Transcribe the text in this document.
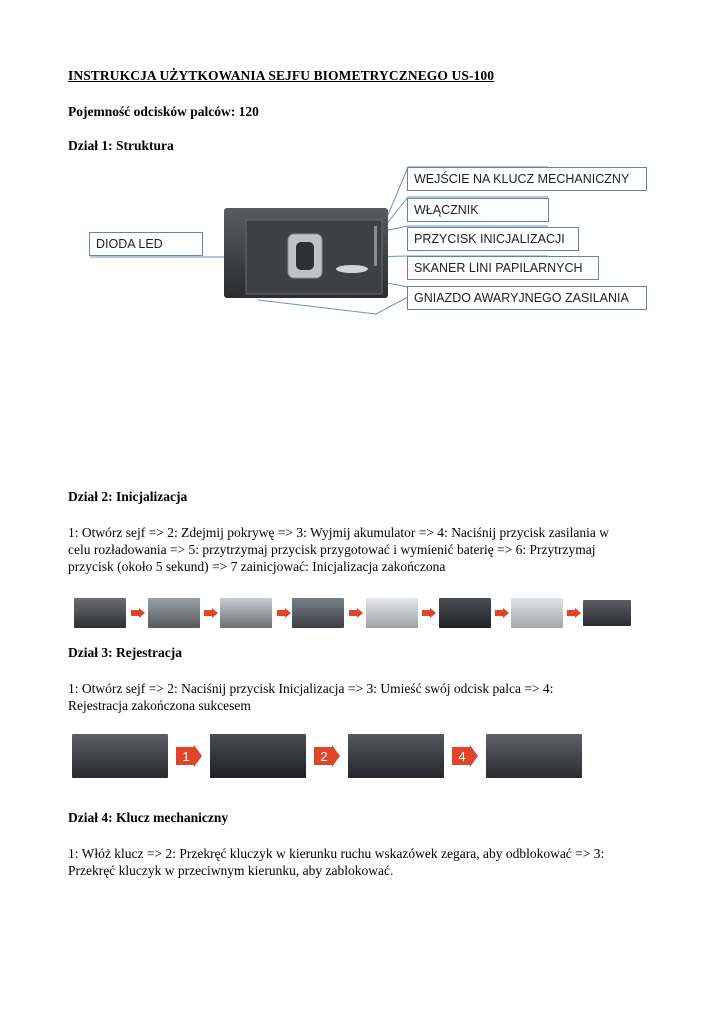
INSTRUKCJA UŻYTKOWANIA SEJFU BIOMETRYCZNEGO US-100
Pojemność odcisków palców: 120
Dział 1: Struktura
DIODA LED
WEJŚCIE NA KLUCZ MECHANICZNY
WŁĄCZNIK
PRZYCISK INICJALIZACJI
SKANER LINI PAPILARNYCH
GNIAZDO AWARYJNEGO ZASILANIA
Dział 2: Inicjalizacja
1: Otwórz sejf => 2: Zdejmij pokrywę => 3: Wyjmij akumulator => 4: Naciśnij przycisk zasilania w
celu rozładowania => 5: przytrzymaj przycisk przygotować i wymienić baterię => 6: Przytrzymaj
przycisk (około 5 sekund) => 7 zainicjować: Inicjalizacja zakończona
Dział 3: Rejestracja
1: Otwórz sejf => 2: Naciśnij przycisk Inicjalizacja => 3: Umieść swój odcisk palca => 4:
Rejestracja zakończona sukcesem
1	2	4
Dział 4: Klucz mechaniczny
1: Włóż klucz => 2: Przekręć kluczyk w kierunku ruchu wskazówek zegara, aby odblokować => 3:
Przekręć kluczyk w przeciwnym kierunku, aby zablokować.
